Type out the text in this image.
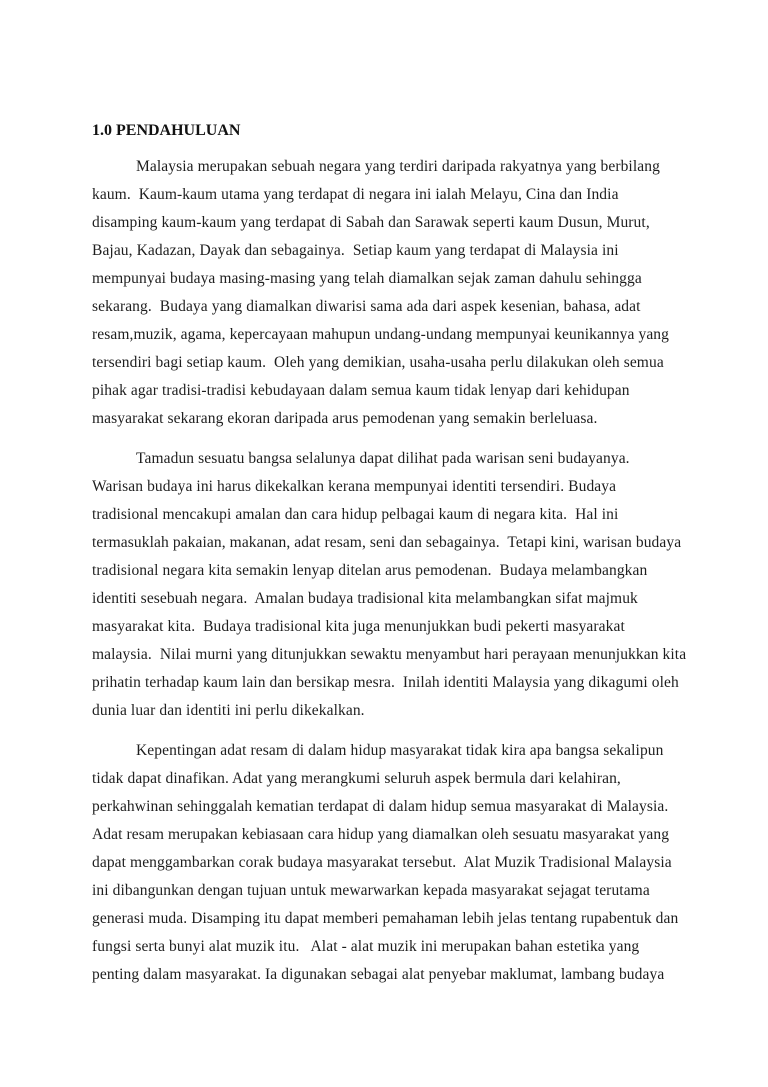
1.0 PENDAHULUAN
Malaysia merupakan sebuah negara yang terdiri daripada rakyatnya yang berbilang
kaum.  Kaum-kaum utama yang terdapat di negara ini ialah Melayu, Cina dan India
disamping kaum-kaum yang terdapat di Sabah dan Sarawak seperti kaum Dusun, Murut,
Bajau, Kadazan, Dayak dan sebagainya.  Setiap kaum yang terdapat di Malaysia ini
mempunyai budaya masing-masing yang telah diamalkan sejak zaman dahulu sehingga
sekarang.  Budaya yang diamalkan diwarisi sama ada dari aspek kesenian, bahasa, adat
resam,muzik, agama, kepercayaan mahupun undang-undang mempunyai keunikannya yang
tersendiri bagi setiap kaum.  Oleh yang demikian, usaha-usaha perlu dilakukan oleh semua
pihak agar tradisi-tradisi kebudayaan dalam semua kaum tidak lenyap dari kehidupan
masyarakat sekarang ekoran daripada arus pemodenan yang semakin berleluasa.
Tamadun sesuatu bangsa selalunya dapat dilihat pada warisan seni budayanya.
Warisan budaya ini harus dikekalkan kerana mempunyai identiti tersendiri. Budaya
tradisional mencakupi amalan dan cara hidup pelbagai kaum di negara kita.  Hal ini
termasuklah pakaian, makanan, adat resam, seni dan sebagainya.  Tetapi kini, warisan budaya
tradisional negara kita semakin lenyap ditelan arus pemodenan.  Budaya melambangkan
identiti sesebuah negara.  Amalan budaya tradisional kita melambangkan sifat majmuk
masyarakat kita.  Budaya tradisional kita juga menunjukkan budi pekerti masyarakat
malaysia.  Nilai murni yang ditunjukkan sewaktu menyambut hari perayaan menunjukkan kita
prihatin terhadap kaum lain dan bersikap mesra.  Inilah identiti Malaysia yang dikagumi oleh
dunia luar dan identiti ini perlu dikekalkan.
Kepentingan adat resam di dalam hidup masyarakat tidak kira apa bangsa sekalipun
tidak dapat dinafikan. Adat yang merangkumi seluruh aspek bermula dari kelahiran,
perkahwinan sehinggalah kematian terdapat di dalam hidup semua masyarakat di Malaysia.
Adat resam merupakan kebiasaan cara hidup yang diamalkan oleh sesuatu masyarakat yang
dapat menggambarkan corak budaya masyarakat tersebut.  Alat Muzik Tradisional Malaysia
ini dibangunkan dengan tujuan untuk mewarwarkan kepada masyarakat sejagat terutama
generasi muda. Disamping itu dapat memberi pemahaman lebih jelas tentang rupabentuk dan
fungsi serta bunyi alat muzik itu.   Alat - alat muzik ini merupakan bahan estetika yang
penting dalam masyarakat. Ia digunakan sebagai alat penyebar maklumat, lambang budaya
